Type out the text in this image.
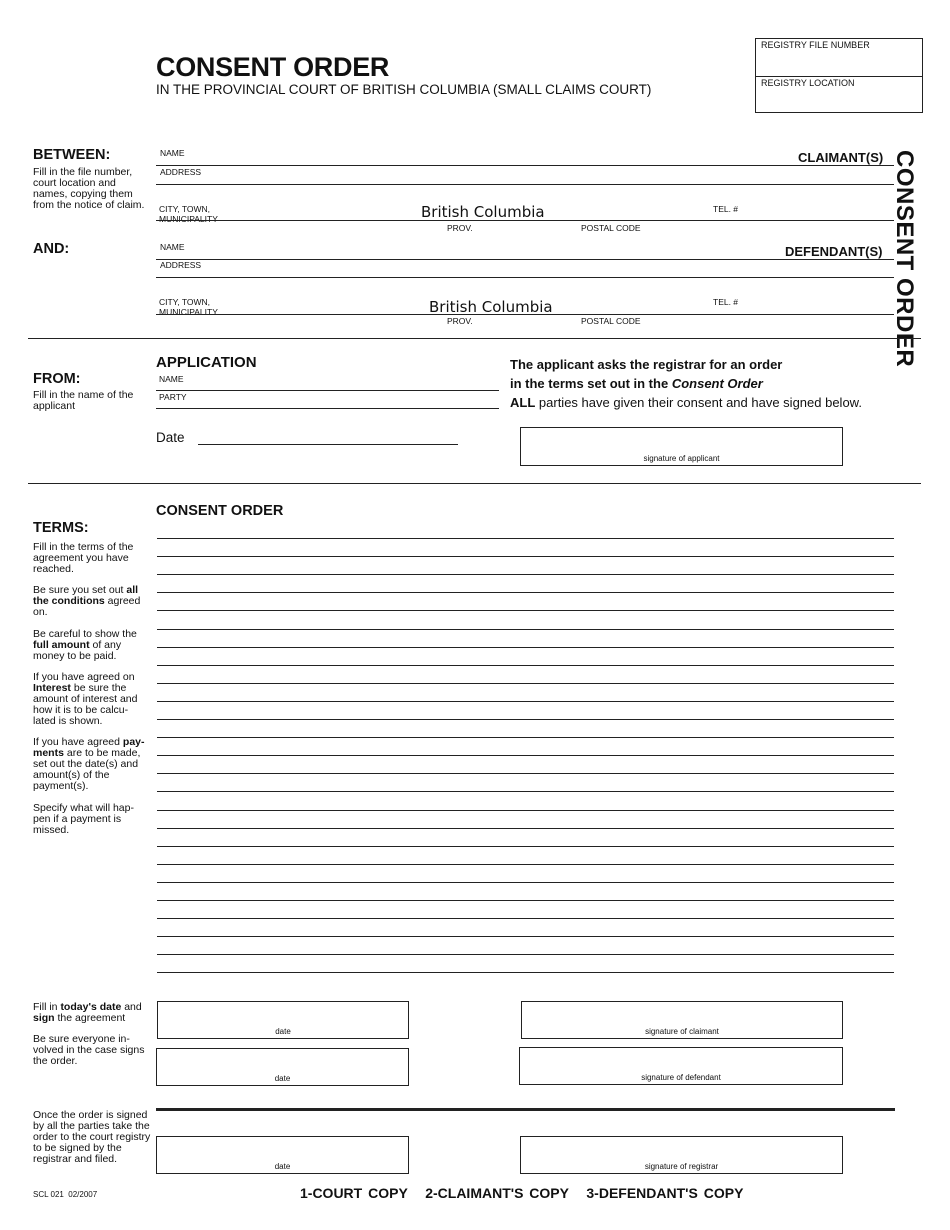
CONSENT ORDER
IN THE PROVINCIAL COURT OF BRITISH COLUMBIA (SMALL CLAIMS COURT)
REGISTRY FILE NUMBER
REGISTRY LOCATION
CONSENT ORDER
BETWEEN:
Fill in the file number, court location and names, copying them from the notice of claim.
NAME	CLAIMANT(S)
ADDRESS
CITY, TOWN, MUNICIPALITY	British Columbia	TEL. #
PROV.	POSTAL CODE
AND:	NAME	DEFENDANT(S)
ADDRESS
CITY, TOWN, MUNICIPALITY	British Columbia	TEL. #
PROV.	POSTAL CODE
APPLICATION
FROM:
Fill in the name of the applicant
NAME
PARTY
Date
The applicant asks the registrar for an order
in the terms set out in the Consent Order
ALL parties have given their consent and have signed below.
signature of applicant
CONSENT ORDER
TERMS:
Fill in the terms of the agreement you have reached.
Be sure you set out all the conditions agreed on.
Be careful to show the full amount of any money to be paid.
If you have agreed on Interest be sure the amount of interest and how it is to be calcu- lated is shown.
If you have agreed pay- ments are to be made, set out the date(s) and amount(s) of the payment(s).
Specify what will hap- pen if a payment is missed.
Fill in today's date and sign the agreement
Be sure everyone in- volved in the case signs the order.
date	signature of claimant
date	signature of defendant
Once the order is signed by all the parties take the order to the court registry to be signed by the registrar and filed.
date	signature of registrar
SCL 021  02/2007	1-COURT COPY   2-CLAIMANT'S COPY   3-DEFENDANT'S COPY
